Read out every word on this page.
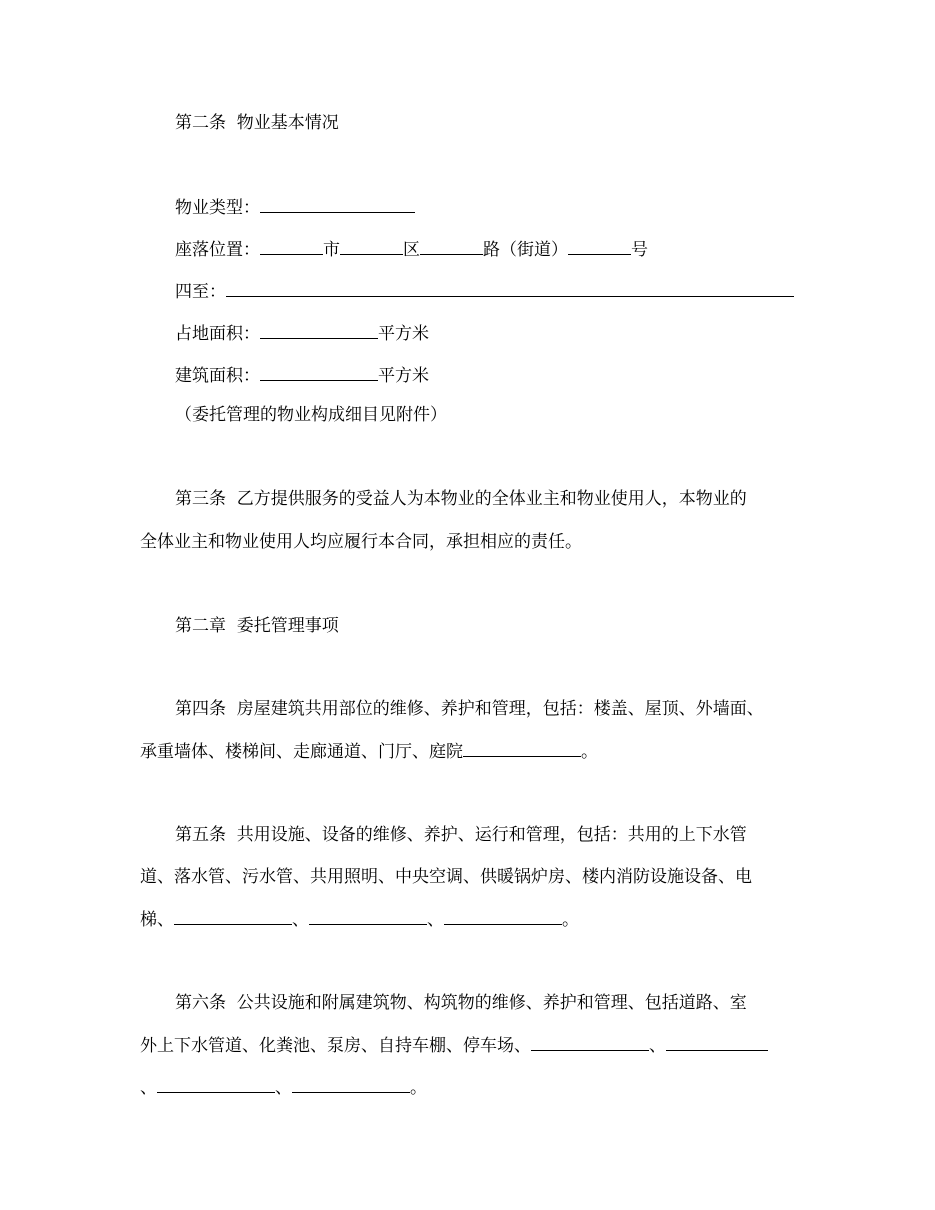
第二条  物业基本情况
物业类型：
座落位置：	市	区	路（街道）	号
四至：
占地面积：	平方米
建筑面积：	平方米
（委托管理的物业构成细目见附件）
第三条  乙方提供服务的受益人为本物业的全体业主和物业使用人，本物业的
全体业主和物业使用人均应履行本合同，承担相应的责任。
第二章  委托管理事项
第四条  房屋建筑共用部位的维修、养护和管理，包括：楼盖、屋顶、外墙面、
承重墙体、楼梯间、走廊通道、门厅、庭院	。
第五条  共用设施、设备的维修、养护、运行和管理，包括：共用的上下水管
道、落水管、污水管、共用照明、中央空调、供暖锅炉房、楼内消防设施设备、电
梯、	、	、	。
第六条  公共设施和附属建筑物、构筑物的维修、养护和管理、包括道路、室
外上下水管道、化粪池、泵房、自持车棚、停车场、	、
、	、	。
